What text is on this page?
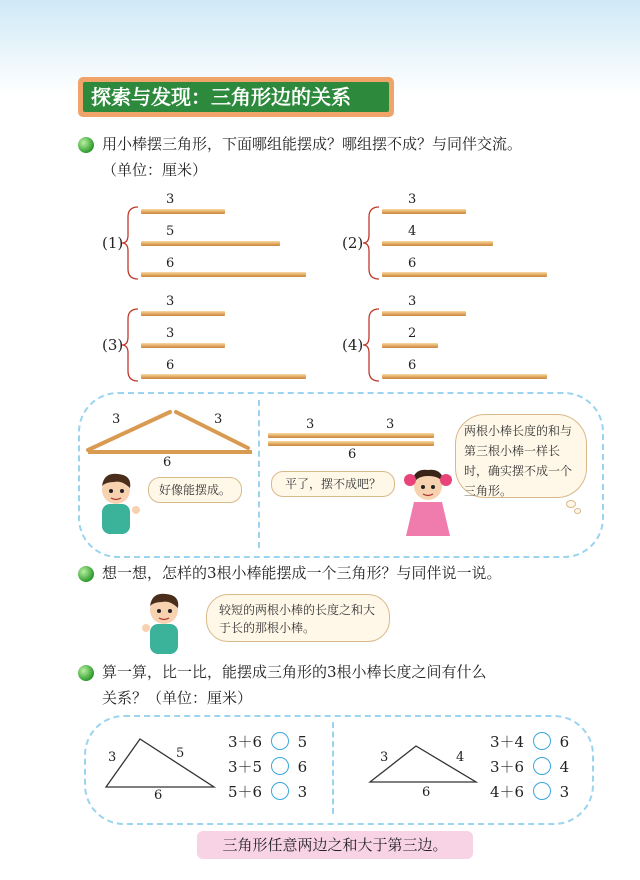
探索与发现：三角形边的关系
用小棒摆三角形，下面哪组能摆成？哪组摆不成？与同伴交流。
（单位：厘米）
(1)
3
5
6
(2)
3
4
6
(3)
3
3
6
(4)
3
2
6
3	3
6
好像能摆成。
3	3
6
平了，摆不成吧？
两根小棒长度的和与第三根小棒一样长时，确实摆不成一个三角形。
想一想，怎样的3根小棒能摆成一个三角形？与同伴说一说。
较短的两根小棒的长度之和大于长的那根小棒。
算一算，比一比，能摆成三角形的3根小棒长度之间有什么
关系？（单位：厘米）
3	5
6
3＋6 5
3＋5 6
5＋6 3
3	4
6
3＋4 6
3＋6 4
4＋6 3
三角形任意两边之和大于第三边。
